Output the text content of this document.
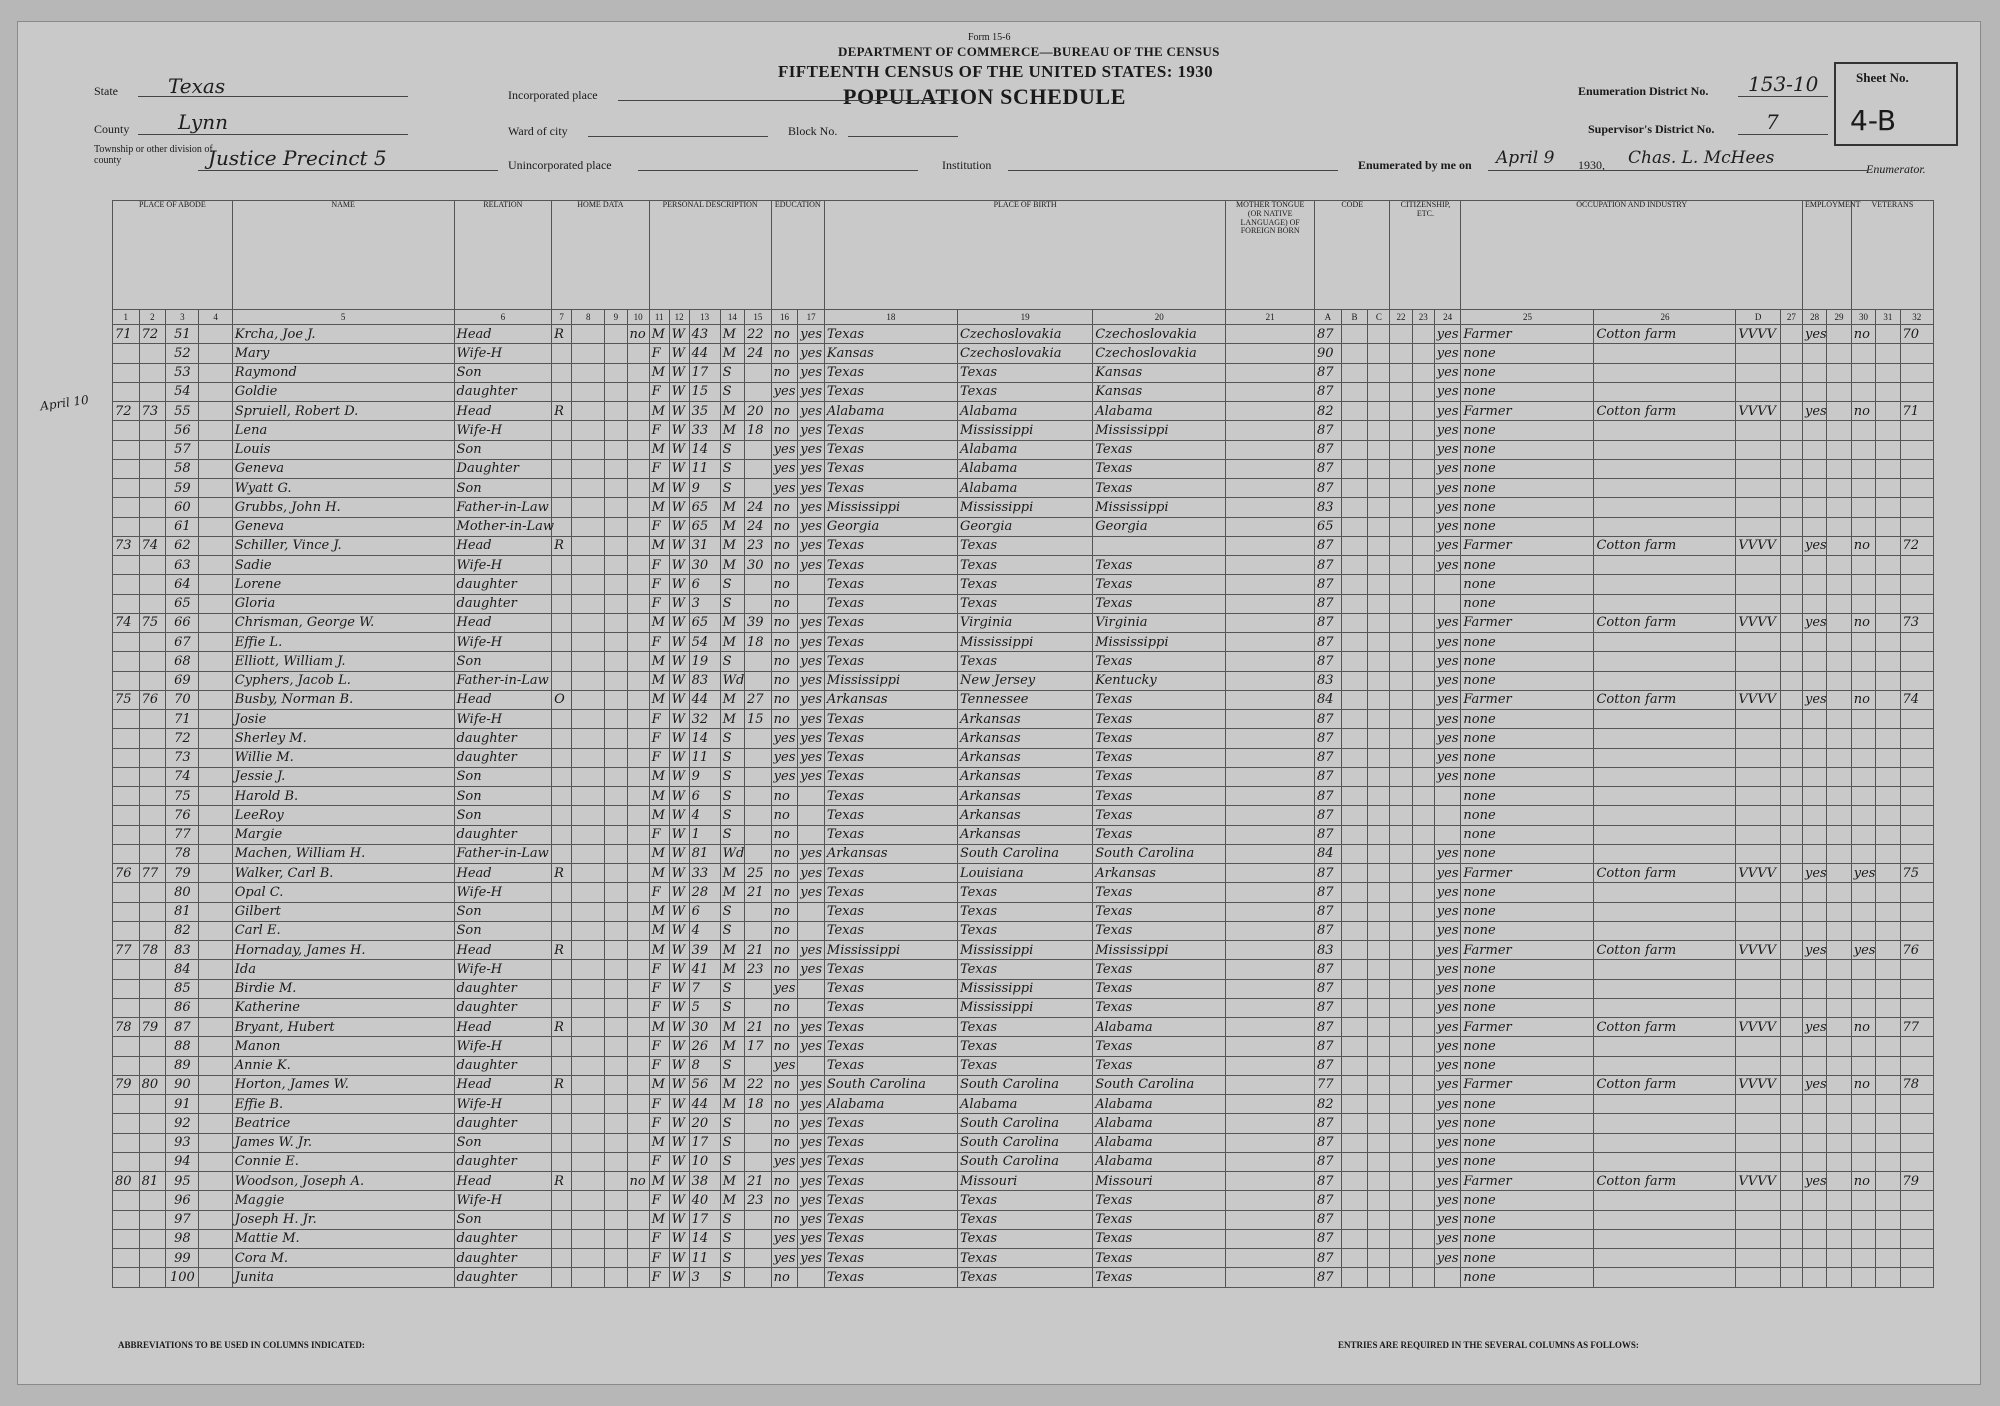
Form 15-6
DEPARTMENT OF COMMERCE—BUREAU OF THE CENSUS
FIFTEENTH CENSUS OF THE UNITED STATES: 1930
POPULATION SCHEDULE
State	Texas
County Lynn
Township or other division of county	Justice Precinct 5
Incorporated place
Ward of city	Block No.
Unincorporated place	Institution
Enumeration District No. 153-10
Supervisor's District No.	7
Enumerated by me on April 9 1930, Chas. L. McHees
Enumerator.
Sheet No.
4-B
April 10
PLACE OF ABODE				NAME	RELATION	HOME DATA				PERSONAL DESCRIPTION					EDUCATION		PLACE OF BIRTH			MOTHER TONGUE (OR NATIVE LANGUAGE) OF FOREIGN BORN	CODE			CITIZENSHIP, ETC.			OCCUPATION AND INDUSTRY				EMPLOYMENT		VETERANS		
1	2	3	4	5	6	7	8	9	10	11	12	13	14	15	16	17	18	19	20	21	A	B	C	22	23	24	25	26	D	27	28	29	30	31	32
71	72	51		Krcha, Joe J.	Head	R			no	M	W	43	M	22	no	yes	Texas	Czechoslovakia	Czechoslovakia		87					yes	Farmer	Cotton farm	VVVV		yes		no		70
		52		Mary	Wife-H					F	W	44	M	24	no	yes	Kansas	Czechoslovakia	Czechoslovakia		90					yes	none								
		53		Raymond	Son					M	W	17	S		no	yes	Texas	Texas	Kansas		87					yes	none								
		54		Goldie	daughter					F	W	15	S		yes	yes	Texas	Texas	Kansas		87					yes	none								
72	73	55		Spruiell, Robert D.	Head	R				M	W	35	M	20	no	yes	Alabama	Alabama	Alabama		82					yes	Farmer	Cotton farm	VVVV		yes		no		71
		56		Lena	Wife-H					F	W	33	M	18	no	yes	Texas	Mississippi	Mississippi		87					yes	none								
		57		Louis	Son					M	W	14	S		yes	yes	Texas	Alabama	Texas		87					yes	none								
		58		Geneva	Daughter					F	W	11	S		yes	yes	Texas	Alabama	Texas		87					yes	none								
		59		Wyatt G.	Son					M	W	9	S		yes	yes	Texas	Alabama	Texas		87					yes	none								
		60		Grubbs, John H.	Father-in-Law					M	W	65	M	24	no	yes	Mississippi	Mississippi	Mississippi		83					yes	none								
		61		Geneva	Mother-in-Law					F	W	65	M	24	no	yes	Georgia	Georgia	Georgia		65					yes	none								
73	74	62		Schiller, Vince J.	Head	R				M	W	31	M	23	no	yes	Texas	Texas			87					yes	Farmer	Cotton farm	VVVV		yes		no		72
		63		Sadie	Wife-H					F	W	30	M	30	no	yes	Texas	Texas	Texas		87					yes	none								
		64		Lorene	daughter					F	W	6	S		no		Texas	Texas	Texas		87						none								
		65		Gloria	daughter					F	W	3	S		no		Texas	Texas	Texas		87						none								
74	75	66		Chrisman, George W.	Head					M	W	65	M	39	no	yes	Texas	Virginia	Virginia		87					yes	Farmer	Cotton farm	VVVV		yes		no		73
		67		Effie L.	Wife-H					F	W	54	M	18	no	yes	Texas	Mississippi	Mississippi		87					yes	none								
		68		Elliott, William J.	Son					M	W	19	S		no	yes	Texas	Texas	Texas		87					yes	none								
		69		Cyphers, Jacob L.	Father-in-Law					M	W	83	Wd		no	yes	Mississippi	New Jersey	Kentucky		83					yes	none								
75	76	70		Busby, Norman B.	Head	O				M	W	44	M	27	no	yes	Arkansas	Tennessee	Texas		84					yes	Farmer	Cotton farm	VVVV		yes		no		74
		71		Josie	Wife-H					F	W	32	M	15	no	yes	Texas	Arkansas	Texas		87					yes	none								
		72		Sherley M.	daughter					F	W	14	S		yes	yes	Texas	Arkansas	Texas		87					yes	none								
		73		Willie M.	daughter					F	W	11	S		yes	yes	Texas	Arkansas	Texas		87					yes	none								
		74		Jessie J.	Son					M	W	9	S		yes	yes	Texas	Arkansas	Texas		87					yes	none								
		75		Harold B.	Son					M	W	6	S		no		Texas	Arkansas	Texas		87						none								
		76		LeeRoy	Son					M	W	4	S		no		Texas	Arkansas	Texas		87						none								
		77		Margie	daughter					F	W	1	S		no		Texas	Arkansas	Texas		87						none								
		78		Machen, William H.	Father-in-Law					M	W	81	Wd		no	yes	Arkansas	South Carolina	South Carolina		84					yes	none								
76	77	79		Walker, Carl B.	Head	R				M	W	33	M	25	no	yes	Texas	Louisiana	Arkansas		87					yes	Farmer	Cotton farm	VVVV		yes		yes		75
		80		Opal C.	Wife-H					F	W	28	M	21	no	yes	Texas	Texas	Texas		87					yes	none								
		81		Gilbert	Son					M	W	6	S		no		Texas	Texas	Texas		87					yes	none								
		82		Carl E.	Son					M	W	4	S		no		Texas	Texas	Texas		87					yes	none								
77	78	83		Hornaday, James H.	Head	R				M	W	39	M	21	no	yes	Mississippi	Mississippi	Mississippi		83					yes	Farmer	Cotton farm	VVVV		yes		yes		76
		84		Ida	Wife-H					F	W	41	M	23	no	yes	Texas	Texas	Texas		87					yes	none								
		85		Birdie M.	daughter					F	W	7	S		yes		Texas	Mississippi	Texas		87					yes	none								
		86		Katherine	daughter					F	W	5	S		no		Texas	Mississippi	Texas		87					yes	none								
78	79	87		Bryant, Hubert	Head	R				M	W	30	M	21	no	yes	Texas	Texas	Alabama		87					yes	Farmer	Cotton farm	VVVV		yes		no		77
		88		Manon	Wife-H					F	W	26	M	17	no	yes	Texas	Texas	Texas		87					yes	none								
		89		Annie K.	daughter					F	W	8	S		yes		Texas	Texas	Texas		87					yes	none								
79	80	90		Horton, James W.	Head	R				M	W	56	M	22	no	yes	South Carolina	South Carolina	South Carolina		77					yes	Farmer	Cotton farm	VVVV		yes		no		78
		91		Effie B.	Wife-H					F	W	44	M	18	no	yes	Alabama	Alabama	Alabama		82					yes	none								
		92		Beatrice	daughter					F	W	20	S		no	yes	Texas	South Carolina	Alabama		87					yes	none								
		93		James W. Jr.	Son					M	W	17	S		no	yes	Texas	South Carolina	Alabama		87					yes	none								
		94		Connie E.	daughter					F	W	10	S		yes	yes	Texas	South Carolina	Alabama		87					yes	none								
80	81	95		Woodson, Joseph A.	Head	R			no	M	W	38	M	21	no	yes	Texas	Missouri	Missouri		87					yes	Farmer	Cotton farm	VVVV		yes		no		79
		96		Maggie	Wife-H					F	W	40	M	23	no	yes	Texas	Texas	Texas		87					yes	none								
		97		Joseph H. Jr.	Son					M	W	17	S		no	yes	Texas	Texas	Texas		87					yes	none								
		98		Mattie M.	daughter					F	W	14	S		yes	yes	Texas	Texas	Texas		87					yes	none								
		99		Cora M.	daughter					F	W	11	S		yes	yes	Texas	Texas	Texas		87					yes	none								
		100		Junita	daughter					F	W	3	S		no		Texas	Texas	Texas		87						none								
ABBREVIATIONS TO BE USED IN COLUMNS INDICATED:	ENTRIES ARE REQUIRED IN THE SEVERAL COLUMNS AS FOLLOWS:
